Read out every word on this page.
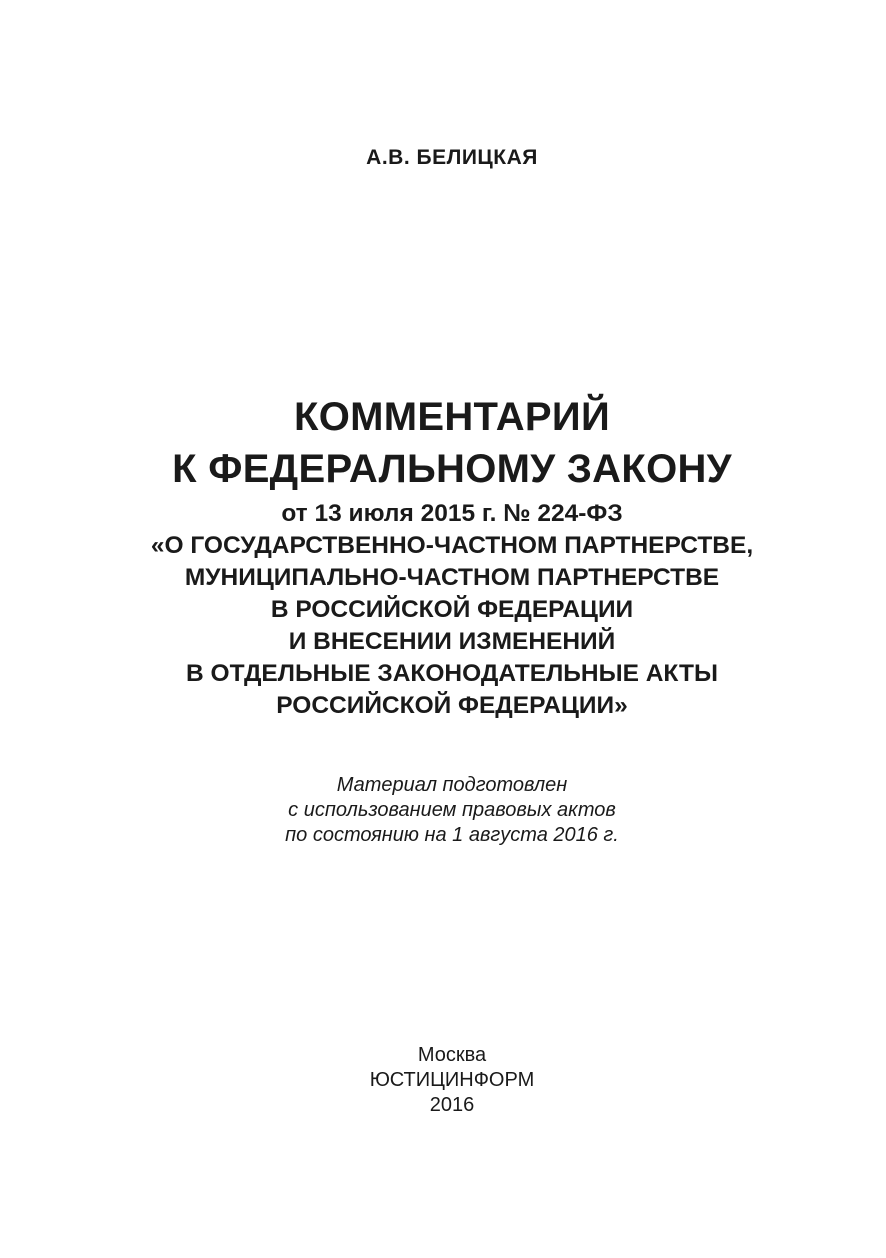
А.В. БЕЛИЦКАЯ
КОММЕНТАРИЙ
К ФЕДЕРАЛЬНОМУ ЗАКОНУ
от 13 июля 2015 г. № 224-ФЗ
«О ГОСУДАРСТВЕННО-ЧАСТНОМ ПАРТНЕРСТВЕ,
МУНИЦИПАЛЬНО-ЧАСТНОМ ПАРТНЕРСТВЕ
В РОССИЙСКОЙ ФЕДЕРАЦИИ
И ВНЕСЕНИИ ИЗМЕНЕНИЙ
В ОТДЕЛЬНЫЕ ЗАКОНОДАТЕЛЬНЫЕ АКТЫ
РОССИЙСКОЙ ФЕДЕРАЦИИ»
Материал подготовлен
с использованием правовых актов
по состоянию на 1 августа 2016 г.
Москва
ЮСТИЦИНФОРМ
2016
